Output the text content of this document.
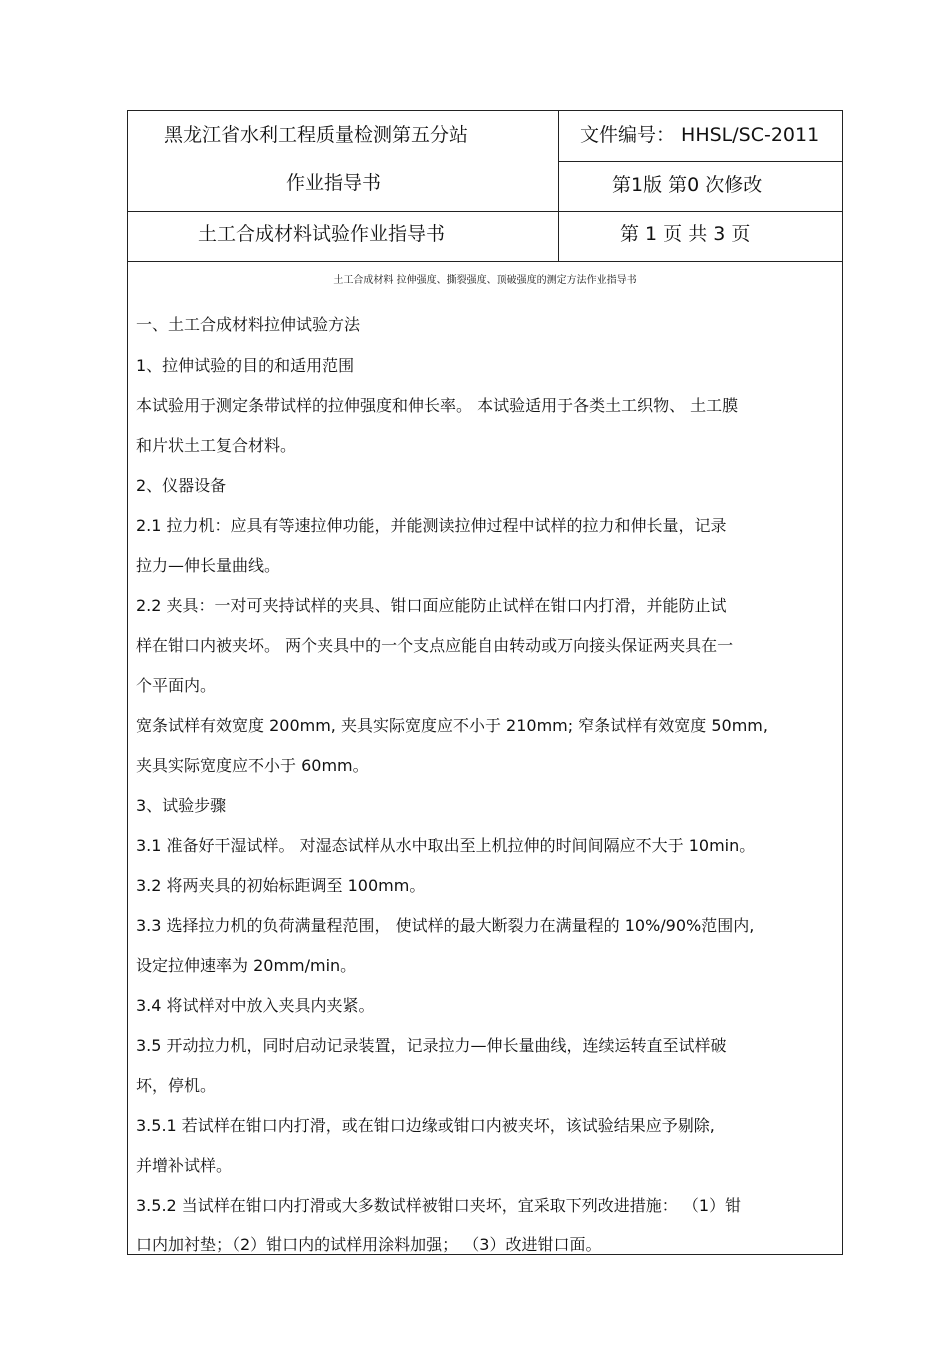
黑龙江省水利工程质量检测第五分站
作业指导书
土工合成材料试验作业指导书
文件编号： HHSL/SC-2011
第1版 第0 次修改
第 1 页 共 3 页
土工合成材料 拉伸强度、撕裂强度、顶破强度的测定方法作业指导书
一、土工合成材料拉伸试验方法
1、拉伸试验的目的和适用范围
本试验用于测定条带试样的拉伸强度和伸长率。 本试验适用于各类土工织物、 土工膜
和片状土工复合材料。
2、仪器设备
2.1 拉力机：应具有等速拉伸功能，并能测读拉伸过程中试样的拉力和伸长量，记录
拉力—伸长量曲线。
2.2 夹具：一对可夹持试样的夹具、钳口面应能防止试样在钳口内打滑，并能防止试
样在钳口内被夹坏。 两个夹具中的一个支点应能自由转动或万向接头保证两夹具在一
个平面内。
宽条试样有效宽度 200mm, 夹具实际宽度应不小于 210mm; 窄条试样有效宽度 50mm,
夹具实际宽度应不小于 60mm。
3、试验步骤
3.1 准备好干湿试样。 对湿态试样从水中取出至上机拉伸的时间间隔应不大于 10min。
3.2 将两夹具的初始标距调至 100mm。
3.3 选择拉力机的负荷满量程范围， 使试样的最大断裂力在满量程的 10%/90%范围内,
设定拉伸速率为 20mm/min。
3.4 将试样对中放入夹具内夹紧。
3.5 开动拉力机，同时启动记录装置，记录拉力—伸长量曲线，连续运转直至试样破
坏，停机。
3.5.1 若试样在钳口内打滑，或在钳口边缘或钳口内被夹坏，该试验结果应予剔除,
并增补试样。
3.5.2 当试样在钳口内打滑或大多数试样被钳口夹坏，宜采取下列改进措施： （1）钳
口内加衬垫；（2）钳口内的试样用涂料加强； （3）改进钳口面。
